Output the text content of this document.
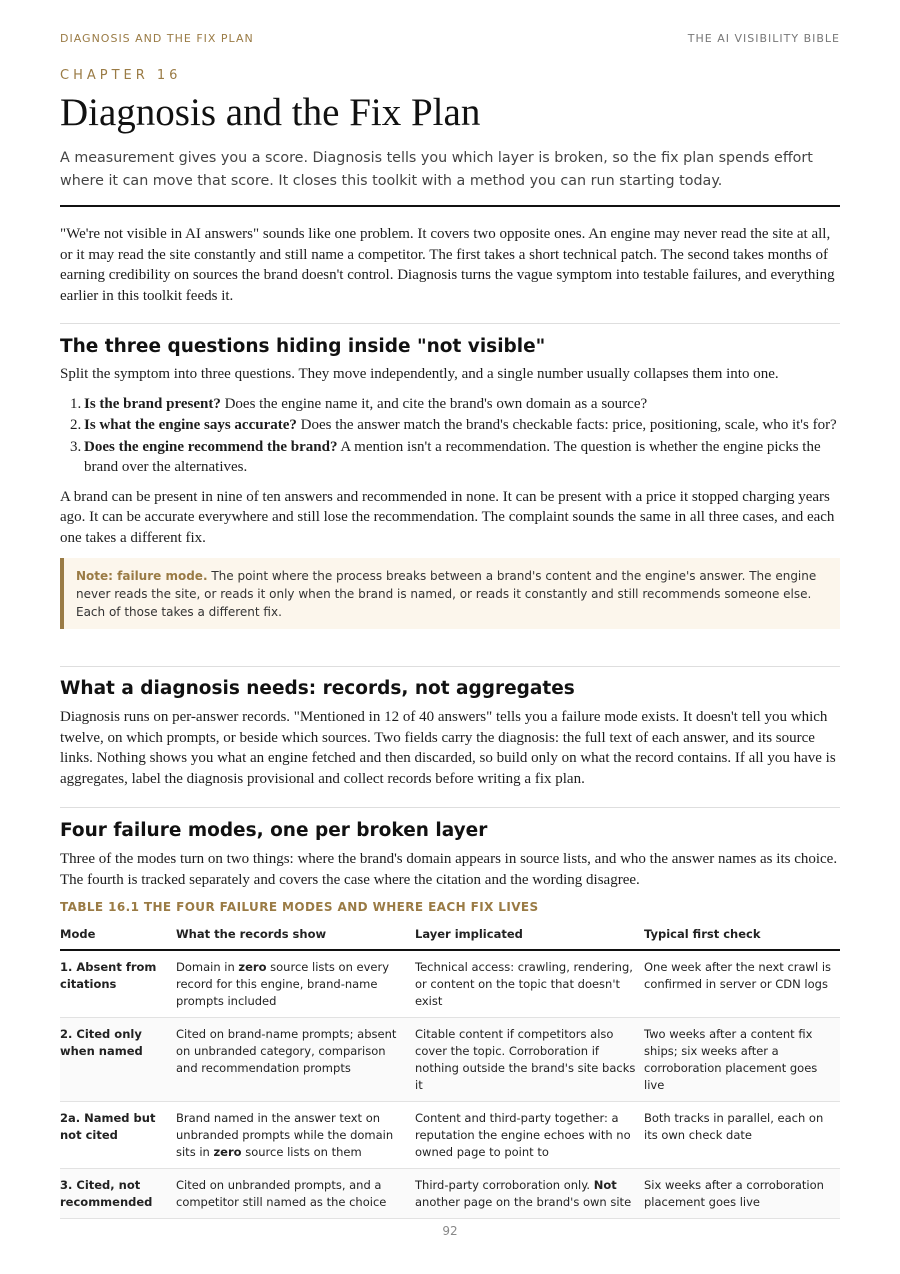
DIAGNOSIS AND THE FIX PLAN	THE AI VISIBILITY BIBLE
CHAPTER 16
Diagnosis and the Fix Plan

A measurement gives you a score. Diagnosis tells you which layer is broken, so the fix plan spends effort where it can move that score. It closes this toolkit with a method you can run starting today.

"We're not visible in AI answers" sounds like one problem. It covers two opposite ones. An engine may never read the site at all, or it may read the site constantly and still name a competitor. The first takes a short technical patch. The second takes months of earning credibility on sources the brand doesn't control. Diagnosis turns the vague symptom into testable failures, and everything earlier in this toolkit feeds it.

The three questions hiding inside "not visible"

Split the symptom into three questions. They move independently, and a single number usually collapses them into one.

1. Is the brand present? Does the engine name it, and cite the brand's own domain as a source?
2. Is what the engine says accurate? Does the answer match the brand's checkable facts: price, positioning, scale, who it's for?
3. Does the engine recommend the brand? A mention isn't a recommendation. The question is whether the engine picks the brand over the alternatives.

A brand can be present in nine of ten answers and recommended in none. It can be present with a price it stopped charging years ago. It can be accurate everywhere and still lose the recommendation. The complaint sounds the same in all three cases, and each one takes a different fix.

Note: failure mode. The point where the process breaks between a brand's content and the engine's answer. The engine never reads the site, or reads it only when the brand is named, or reads it constantly and still recommends someone else. Each of those takes a different fix.
What a diagnosis needs: records, not aggregates

Diagnosis runs on per-answer records. "Mentioned in 12 of 40 answers" tells you a failure mode exists. It doesn't tell you which twelve, on which prompts, or beside which sources. Two fields carry the diagnosis: the full text of each answer, and its source links. Nothing shows you what an engine fetched and then discarded, so build only on what the record contains. If all you have is aggregates, label the diagnosis provisional and collect records before writing a fix plan.

Four failure modes, one per broken layer

Three of the modes turn on two things: where the brand's domain appears in source lists, and who the answer names as its choice. The fourth is tracked separately and covers the case where the citation and the wording disagree.

TABLE 16.1 THE FOUR FAILURE MODES AND WHERE EACH FIX LIVES
Mode	What the records show	Layer implicated	Typical first check
1. Absent from citations	Domain in zero source lists on every record for this engine, brand-name prompts included	Technical access: crawling, rendering, or content on the topic that doesn't exist	One week after the next crawl is confirmed in server or CDN logs
2. Cited only when named	Cited on brand-name prompts; absent on unbranded category, comparison and recommendation prompts	Citable content if competitors also cover the topic. Corroboration if nothing outside the brand's site backs it	Two weeks after a content fix ships; six weeks after a corroboration placement goes live
2a. Named but not cited	Brand named in the answer text on unbranded prompts while the domain sits in zero source lists on them	Content and third-party together: a reputation the engine echoes with no owned page to point to	Both tracks in parallel, each on its own check date
3. Cited, not recommended	Cited on unbranded prompts, and a competitor still named as the choice	Third-party corroboration only. Not another page on the brand's own site	Six weeks after a corroboration placement goes live
92
